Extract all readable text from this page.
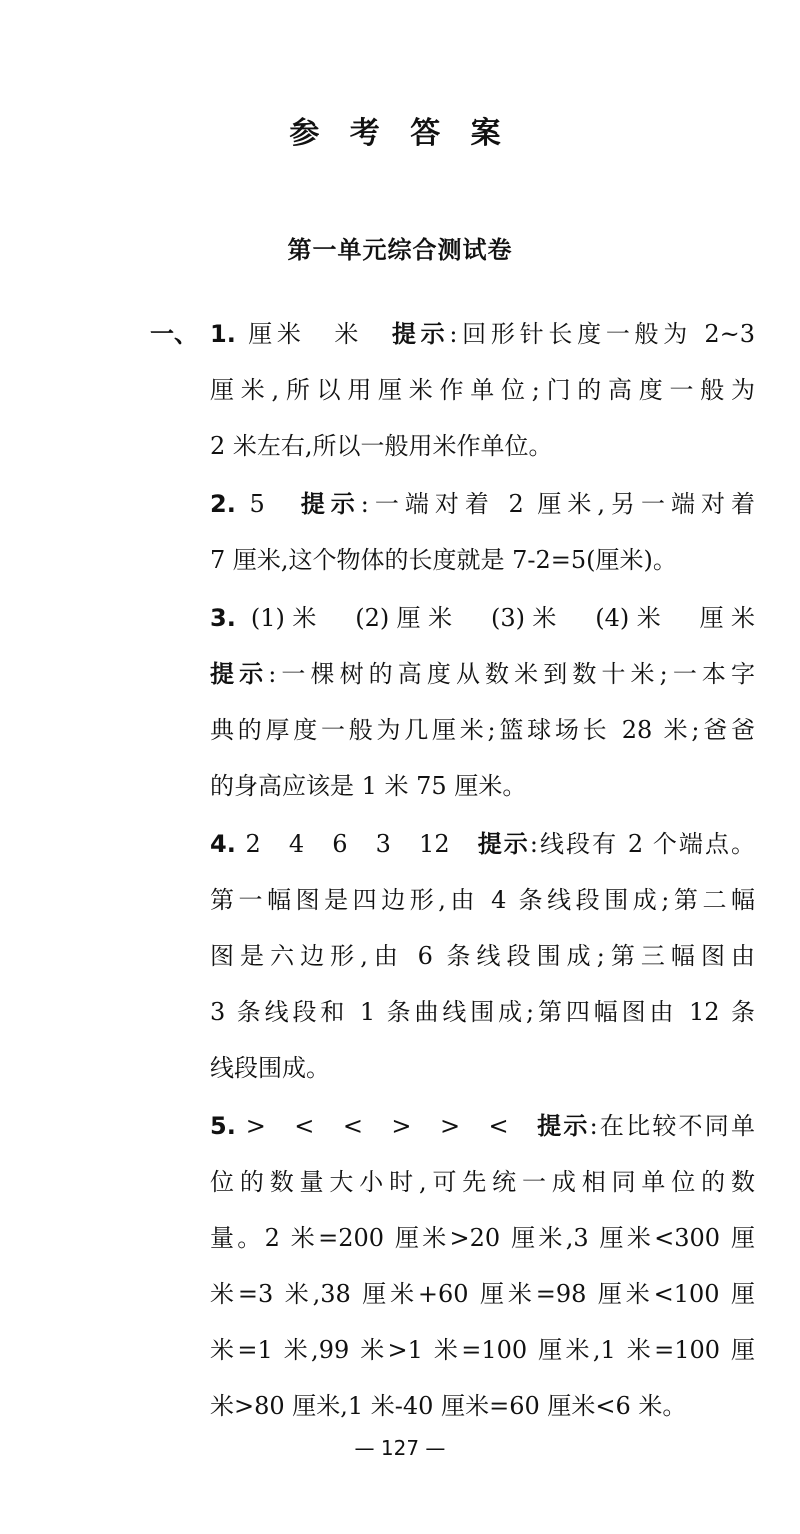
参 考 答 案
第一单元综合测试卷
一、 1. 厘米　米　 提示:回形针长度一般为 2~3
厘米,所以用厘米作单位;门的高度一般为
2 米左右,所以一般用米作单位。
2. 5　 提示:一端对着 2 厘米,另一端对着
7 厘米,这个物体的长度就是 7-2=5(厘米)。
3. (1)米　(2)厘米　(3)米　(4)米　厘米
提示:一棵树的高度从数米到数十米;一本字
典的厚度一般为几厘米;篮球场长 28 米;爸爸
的身高应该是 1 米 75 厘米。
4. 2　4　6　3　12　 提示:线段有 2 个端点。
第一幅图是四边形,由 4 条线段围成;第二幅
图是六边形,由 6 条线段围成;第三幅图由
3 条线段和 1 条曲线围成;第四幅图由 12 条
线段围成。
5. >　<　<　>　>　<　 提示:在比较不同单
位的数量大小时,可先统一成相同单位的数
量。2 米=200 厘米>20 厘米,3 厘米<300 厘
米=3 米,38 厘米+60 厘米=98 厘米<100 厘
米=1 米,99 米>1 米=100 厘米,1 米=100 厘
米>80 厘米,1 米-40 厘米=60 厘米<6 米。
— 127 —
